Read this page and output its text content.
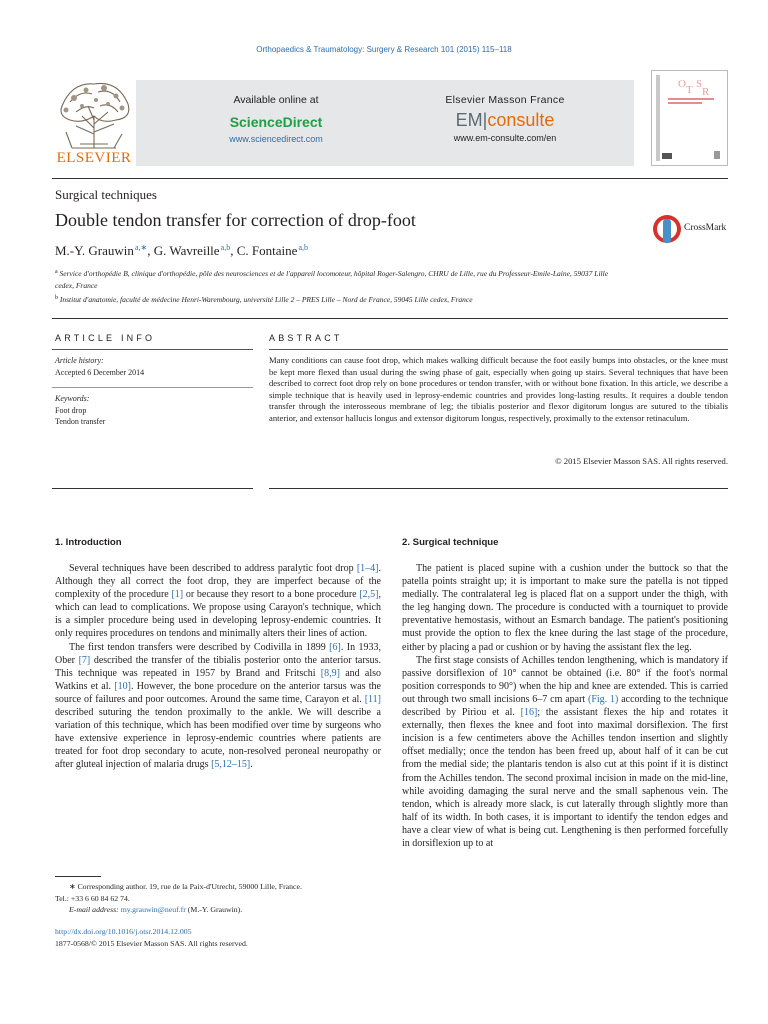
Orthopaedics & Traumatology: Surgery & Research 101 (2015) 115–118
ELSEVIER
Available online at
ScienceDirect
www.sciencedirect.com
Elsevier Masson France
EM|consulte
www.em-consulte.com/en
O T S
R
Surgical techniques
Double tendon transfer for correction of drop-foot
M.-Y. Grauwin $^{a,∗}$, G. Wavreille $^{a,b}$, C. Fontaine $^{a,b}$
CrossMark
$^a$ Service d'orthopédie B, clinique d'orthopédie, pôle des neurosciences et de l'appareil locomoteur, hôpital Roger-Salengro, CHRU de Lille, rue du Professeur-Emile-Laine, 59037 Lille cedex, France
$^b$ Institut d'anatomie, faculté de médecine Henri-Warembourg, université Lille 2 – PRES Lille – Nord de France, 59045 Lille cedex, France
ARTICLE INFO	ABSTRACT
Article history:
Accepted 6 December 2014
Keywords:
Foot drop
Tendon transfer
Many conditions can cause foot drop, which makes walking difficult because the foot easily bumps into obstacles, or the knee must be kept more flexed than usual during the swing phase of gait, especially when going up stairs. Several techniques that have been described to correct foot drop rely on bone procedures or tendon transfer, with or without bone fixation. In this article, we describe a simple technique that is heavily used in leprosy-endemic countries and provides long-lasting results. It requires a double tendon transfer through the interosseous membrane of leg; the tibialis posterior and flexor digitorum longus are sutured to the tibialis anterior, and extensor hallucis longus and extensor digitorum longus, respectively, proximally to the extensor retinaculum.
© 2015 Elsevier Masson SAS. All rights reserved.
1. Introduction	2. Surgical technique

Several techniques have been described to address paralytic foot drop [1–4]. Although they all correct the foot drop, they are imperfect because of the complexity of the procedure [1] or because they resort to a bone procedure [2,5], which can lead to complications. We propose using Carayon's technique, which is a simpler procedure being used in developing leprosy-endemic countries. It only requires procedures on tendons and minimally alters their lines of action.

The first tendon transfers were described by Codivilla in 1899 [6]. In 1933, Ober [7] described the transfer of the tibialis posterior onto the anterior tarsus. This technique was repeated in 1957 by Brand and Fritschi [8,9] and also Watkins et al. [10]. However, the bone procedure on the anterior tarsus was the source of failures and poor outcomes. Around the same time, Carayon et al. [11] described suturing the tendon proximally to the ankle. We will describe a variation of this technique, which has been modified over time by surgeons who have extensive experience in leprosy-endemic countries where patients are treated for foot drop secondary to acute, non-resolved peroneal neuropathy or after gluteal injection of malaria drugs [5,12–15].

The patient is placed supine with a cushion under the buttock so that the patella points straight up; it is important to make sure the patella is not tipped medially. The contralateral leg is placed flat on a support under the thigh, with the leg hanging down. The procedure is conducted with a tourniquet to provide preventative hemostasis, without an Esmarch bandage. The patient's positioning must provide the option to flex the knee during the last stage of the procedure, either by placing a pad or cushion or by having the assistant flex the leg.

The first stage consists of Achilles tendon lengthening, which is mandatory if passive dorsiflexion of 10° cannot be obtained (i.e. 80° if the foot's normal position corresponds to 90°) when the hip and knee are extended. This is carried out through two small incisions 6–7 cm apart (Fig. 1) according to the technique described by Piriou et al. [16]; the assistant flexes the hip and rotates it externally, then flexes the knee and foot into maximal dorsiflexion. The first incision is a few centimeters above the Achilles tendon insertion and slightly offset medially; once the tendon has been freed up, about half of it can be cut from the medial side; the plantaris tendon is also cut at this point if it is distinct from the Achilles tendon. The second proximal incision in made on the mid-line, while avoiding damaging the sural nerve and the small saphenous vein. The tendon, which is already more slack, is cut laterally through slightly more than half of its width. In both cases, it is important to identify the tendon edges and have a clear view of what is being cut. Lengthening is then performed forcefully in dorsiflexion up to at

∗ Corresponding author. 19, rue de la Paix-d'Utrecht, 59000 Lille, France.
Tel.: +33 6 60 84 62 74.
E-mail address: my.grauwin@neuf.fr (M.-Y. Grauwin).
http://dx.doi.org/10.1016/j.otsr.2014.12.005
1877-0568/© 2015 Elsevier Masson SAS. All rights reserved.
